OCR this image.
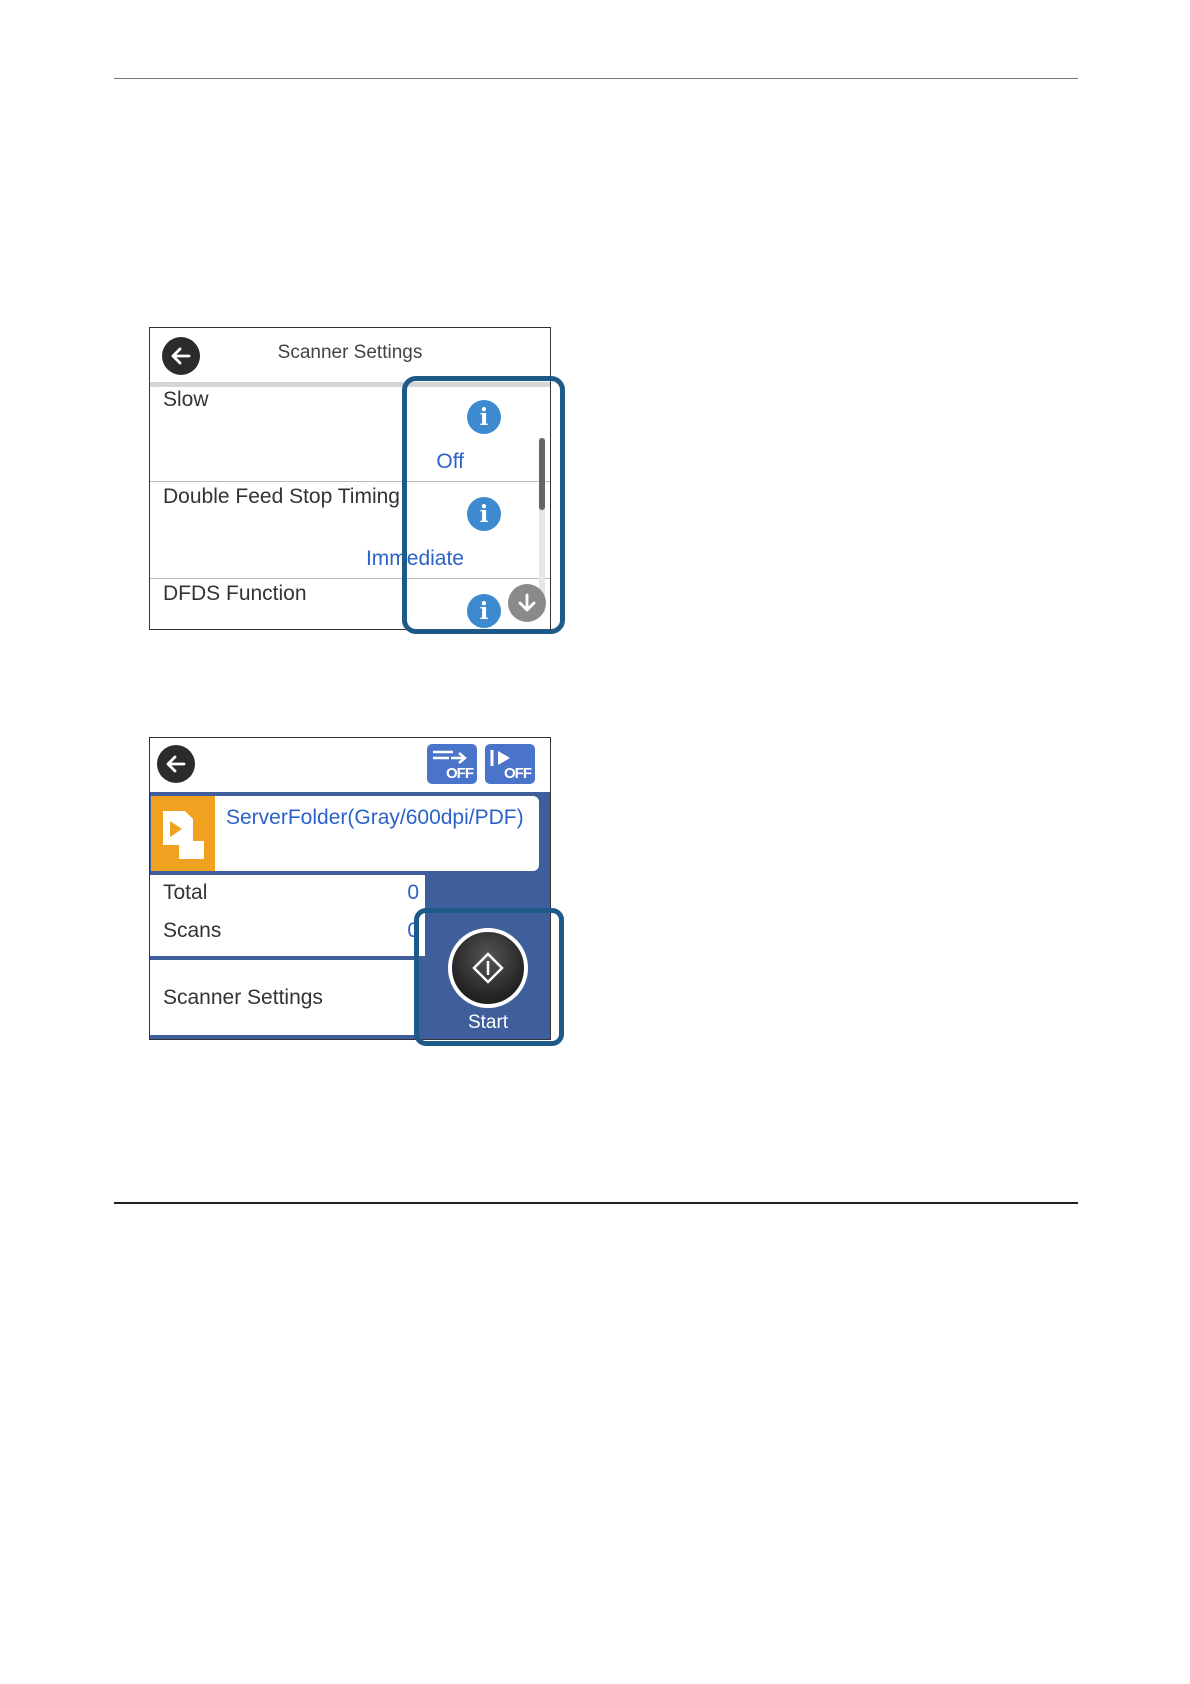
Scanner Settings
Slow
Off
i
Double Feed Stop Timing
Immediate
i
DFDS Function
i
OFF OFF
ServerFolder(Gray/600dpi/PDF)
Total	0
Scans	0
Scanner Settings
Start
